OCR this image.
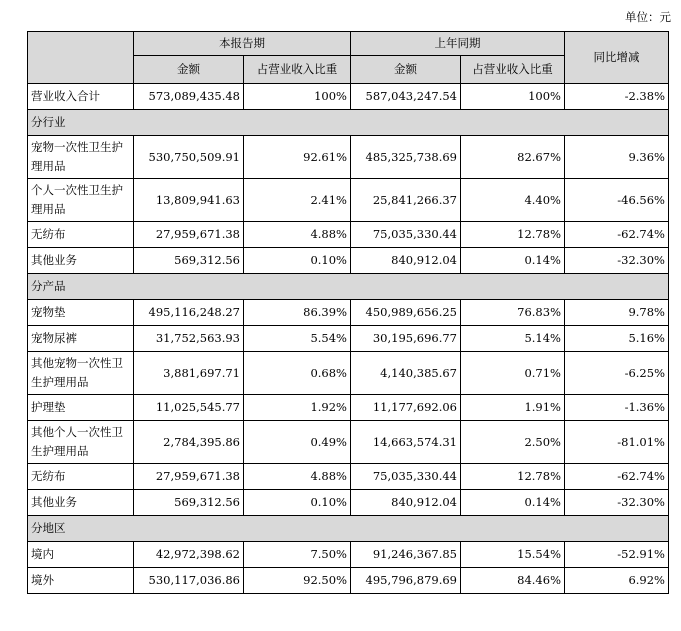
单位：元
	本报告期		上年同期		同比增减
	金额	占营业收入比重	金额	占营业收入比重	
营业收入合计	573,089,435.48	100%	587,043,247.54	100%	-2.38%
分行业					
宠物一次性卫生护理用品	530,750,509.91	92.61%	485,325,738.69	82.67%	9.36%
个人一次性卫生护理用品	13,809,941.63	2.41%	25,841,266.37	4.40%	-46.56%
无纺布	27,959,671.38	4.88%	75,035,330.44	12.78%	-62.74%
其他业务	569,312.56	0.10%	840,912.04	0.14%	-32.30%
分产品					
宠物垫	495,116,248.27	86.39%	450,989,656.25	76.83%	9.78%
宠物尿裤	31,752,563.93	5.54%	30,195,696.77	5.14%	5.16%
其他宠物一次性卫生护理用品	3,881,697.71	0.68%	4,140,385.67	0.71%	-6.25%
护理垫	11,025,545.77	1.92%	11,177,692.06	1.91%	-1.36%
其他个人一次性卫生护理用品	2,784,395.86	0.49%	14,663,574.31	2.50%	-81.01%
无纺布	27,959,671.38	4.88%	75,035,330.44	12.78%	-62.74%
其他业务	569,312.56	0.10%	840,912.04	0.14%	-32.30%
分地区					
境内	42,972,398.62	7.50%	91,246,367.85	15.54%	-52.91%
境外	530,117,036.86	92.50%	495,796,879.69	84.46%	6.92%
